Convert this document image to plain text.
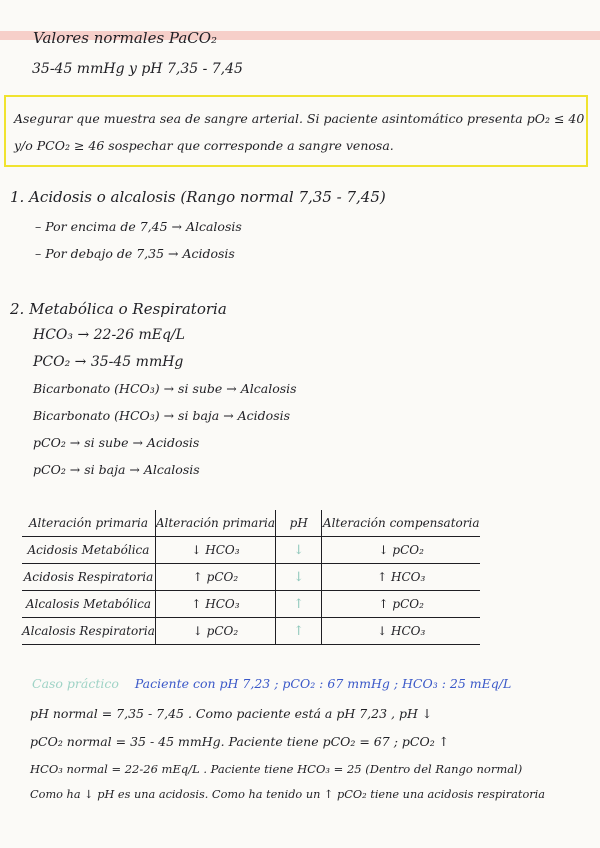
Valores normales PaCO₂
35-45 mmHg y pH 7,35 - 7,45
Asegurar que muestra sea de sangre arterial. Si paciente asintomático presenta pO₂ ≤ 40
y/o PCO₂ ≥ 46 sospechar que corresponde a sangre venosa.
1. Acidosis o alcalosis (Rango normal 7,35 - 7,45)
– Por encima de 7,45 → Alcalosis
– Por debajo de 7,35 → Acidosis
2. Metabólica o Respiratoria
HCO₃ → 22-26 mEq/L
PCO₂ → 35-45 mmHg
Bicarbonato (HCO₃) → si sube → Alcalosis
Bicarbonato (HCO₃) → si baja → Acidosis
pCO₂ → si sube → Acidosis
pCO₂ → si baja → Alcalosis
Alteración primaria	Alteración primaria	pH	Alteración compensatoria
Acidosis Metabólica	↓ HCO₃	↓	↓ pCO₂
Acidosis Respiratoria	↑ pCO₂	↓	↑ HCO₃
Alcalosis Metabólica	↑ HCO₃	↑	↑ pCO₂
Alcalosis Respiratoria	↓ pCO₂	↑	↓ HCO₃
Caso práctico Paciente con pH 7,23 ; pCO₂ : 67 mmHg ; HCO₃ : 25 mEq/L
pH normal = 7,35 - 7,45 . Como paciente está a pH 7,23 , pH ↓
pCO₂ normal = 35 - 45 mmHg. Paciente tiene pCO₂ = 67 ; pCO₂ ↑
HCO₃ normal = 22-26 mEq/L . Paciente tiene HCO₃ = 25 (Dentro del Rango normal)
Como ha ↓ pH es una acidosis. Como ha tenido un ↑ pCO₂ tiene una acidosis respiratoria
